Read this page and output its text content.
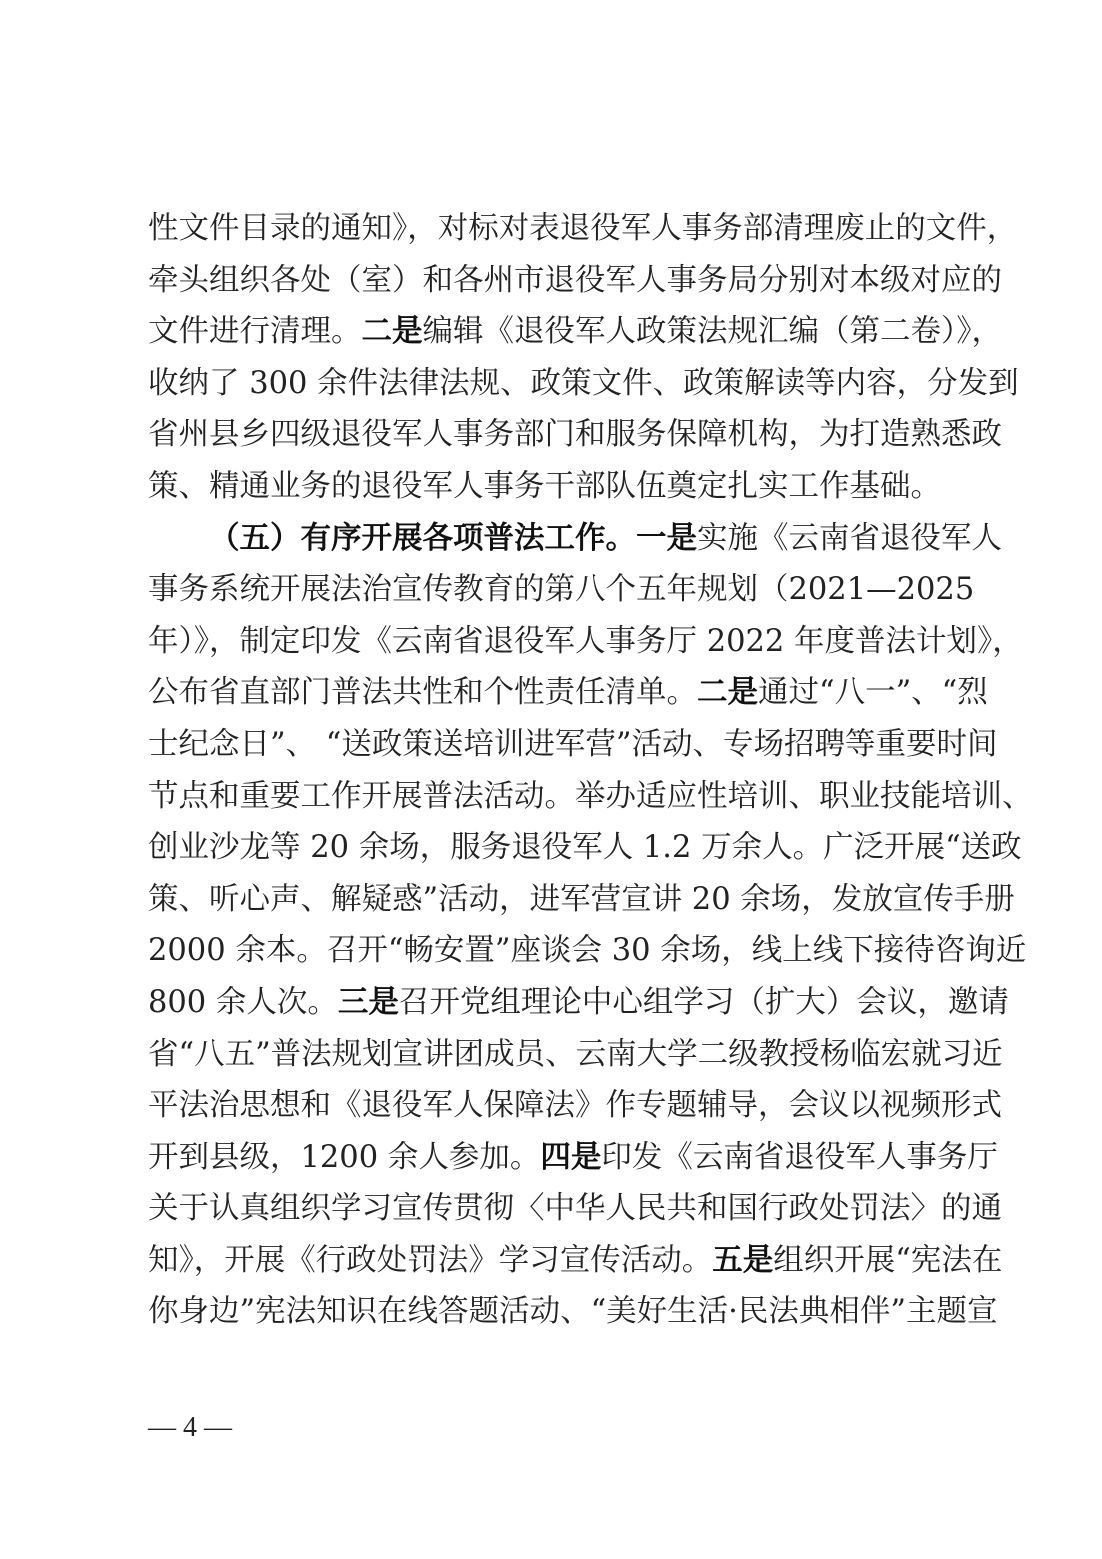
性文件目录的通知》，对标对表退役军人事务部清理废止的文件，
牵头组织各处（室）和各州市退役军人事务局分别对本级对应的
文件进行清理。二是编辑《退役军人政策法规汇编（第二卷）》，
收纳了 300 余件法律法规、政策文件、政策解读等内容，分发到
省州县乡四级退役军人事务部门和服务保障机构，为打造熟悉政
策、精通业务的退役军人事务干部队伍奠定扎实工作基础。
（五）有序开展各项普法工作。一是实施《云南省退役军人
事务系统开展法治宣传教育的第八个五年规划（2021—2025
年）》，制定印发《云南省退役军人事务厅 2022 年度普法计划》，
公布省直部门普法共性和个性责任清单。二是通过“八一”、“烈
士纪念日”、 “送政策送培训进军营”活动、专场招聘等重要时间
节点和重要工作开展普法活动。举办适应性培训、职业技能培训、
创业沙龙等 20 余场，服务退役军人 1.2 万余人。广泛开展“送政
策、听心声、解疑惑”活动，进军营宣讲 20 余场，发放宣传手册
2000 余本。召开“畅安置”座谈会 30 余场，线上线下接待咨询近
800 余人次。三是召开党组理论中心组学习（扩大）会议，邀请
省“八五”普法规划宣讲团成员、云南大学二级教授杨临宏就习近
平法治思想和《退役军人保障法》作专题辅导，会议以视频形式
开到县级，1200 余人参加。四是印发《云南省退役军人事务厅
关于认真组织学习宣传贯彻〈中华人民共和国行政处罚法〉的通
知》，开展《行政处罚法》学习宣传活动。五是组织开展“宪法在
你身边”宪法知识在线答题活动、“美好生活·民法典相伴”主题宣
— 4 —
